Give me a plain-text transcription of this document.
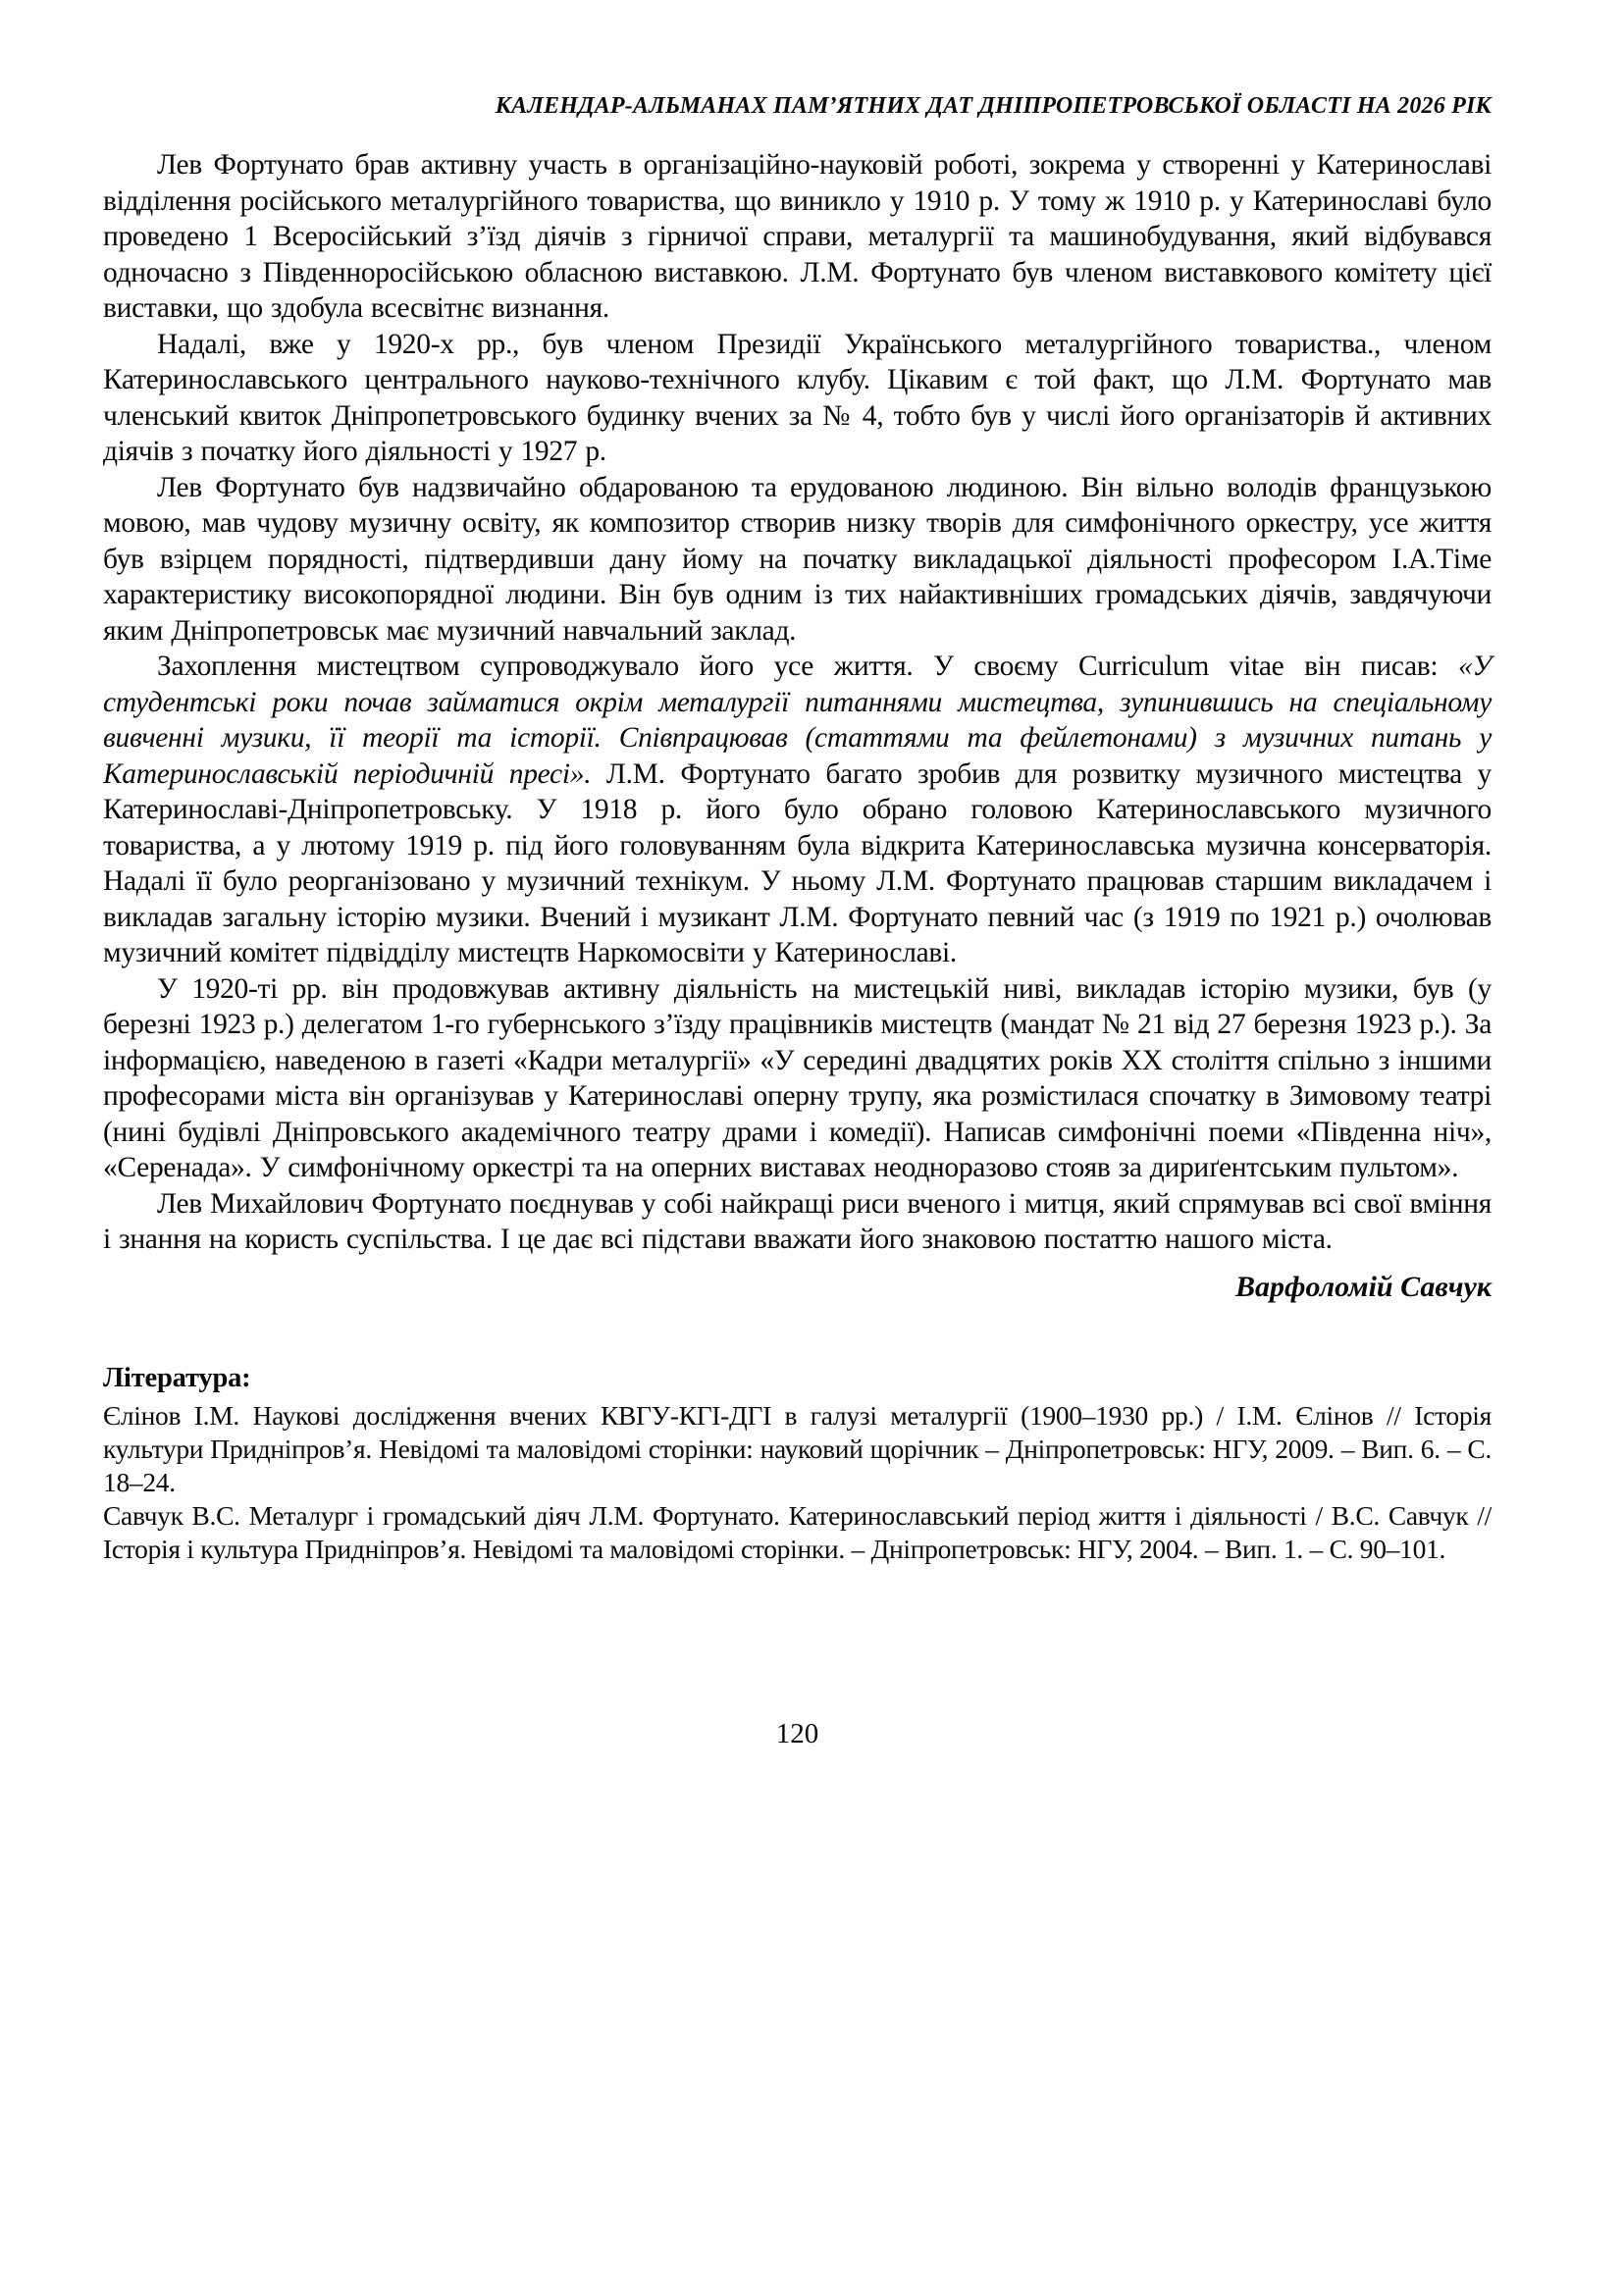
КАЛЕНДАР-АЛЬМАНАХ ПАМ’ЯТНИХ ДАТ ДНІПРОПЕТРОВСЬКОЇ ОБЛАСТІ НА 2026 РІК

Лев Фортунато брав активну участь в організаційно-науковій роботі, зокрема у створенні у Катеринославі відділення російського металургійного товариства, що виникло у 1910 р. У тому ж 1910 р. у Катеринославі було проведено 1 Всеросійський з’їзд діячів з гірничої справи, металургії та машинобудування, який відбувався одночасно з Південноросійською обласною виставкою. Л.М. Фортунато був членом виставкового комітету цієї виставки, що здобула всесвітнє визнання.

Надалі, вже у 1920-х рр., був членом Президії Українського металургійного товариства., членом Катеринославського центрального науково-технічного клубу. Цікавим є той факт, що Л.М. Фортунато мав членський квиток Дніпропетровського будинку вчених за № 4, тобто був у числі його організаторів й активних діячів з початку його діяльності у 1927 р.

Лев Фортунато був надзвичайно обдарованою та ерудованою людиною. Він вільно володів французькою мовою, мав чудову музичну освіту, як композитор створив низку творів для симфонічного оркестру, усе життя був взірцем порядності, підтвердивши дану йому на початку викладацької діяльності професором І.А.Тіме характеристику високопорядної людини. Він був одним із тих найактивніших громадських діячів, завдячуючи яким Дніпропетровськ має музичний навчальний заклад.

Захоплення мистецтвом супроводжувало його усе життя. У своєму Curriculum vitae він писав: «У студентські роки почав займатися окрім металургії питаннями мистецтва, зупинившись на спеціальному вивченні музики, її теорії та історії. Співпрацював (статтями та фейлетонами) з музичних питань у Катеринославській періодичній пресі». Л.М. Фортунато багато зробив для розвитку музичного мистецтва у Катеринославі-Дніпропетровську. У 1918 р. його було обрано головою Катеринославського музичного товариства, а у лютому 1919 р. під його головуванням була відкрита Катеринославська музична консерваторія. Надалі її було реорганізовано у музичний технікум. У ньому Л.М. Фортунато працював старшим викладачем і викладав загальну історію музики. Вчений і музикант Л.М. Фортунато певний час (з 1919 по 1921 р.) очолював музичний комітет підвідділу мистецтв Наркомосвіти у Катеринославі.

У 1920-ті рр. він продовжував активну діяльність на мистецькій ниві, викладав історію музики, був (у березні 1923 р.) делегатом 1-го губернського з’їзду працівників мистецтв (мандат № 21 від 27 березня 1923 р.). За інформацією, наведеною в газеті «Кадри металургії» «У середині двадцятих років ХХ століття спільно з іншими професорами міста він організував у Катеринославі оперну трупу, яка розмістилася спочатку в Зимовому театрі (нині будівлі Дніпровського академічного театру драми і комедії). Написав симфонічні поеми «Південна ніч», «Серенада». У симфонічному оркестрі та на оперних виставах неодноразово стояв за дириґентським пультом».

Лев Михайлович Фортунато поєднував у собі найкращі риси вченого і митця, який спрямував всі свої вміння і знання на користь суспільства. І це дає всі підстави вважати його знаковою постаттю нашого міста.

Варфоломій Савчук

Література:

Єлінов І.М. Наукові дослідження вчених КВГУ-КГІ-ДГІ в галузі металургії (1900–1930 рр.) / І.М. Єлінов // Історія культури Придніпров’я. Невідомі та маловідомі сторінки: науковий щорічник – Дніпропетровськ: НГУ, 2009. – Вип. 6. – С. 18–24.

Савчук В.С. Металург і громадський діяч Л.М. Фортунато. Катеринославський період життя і діяльності / В.С. Савчук // Історія і культура Придніпров’я. Невідомі та маловідомі сторінки. – Дніпропетровськ: НГУ, 2004. – Вип. 1. – С. 90–101.

120
